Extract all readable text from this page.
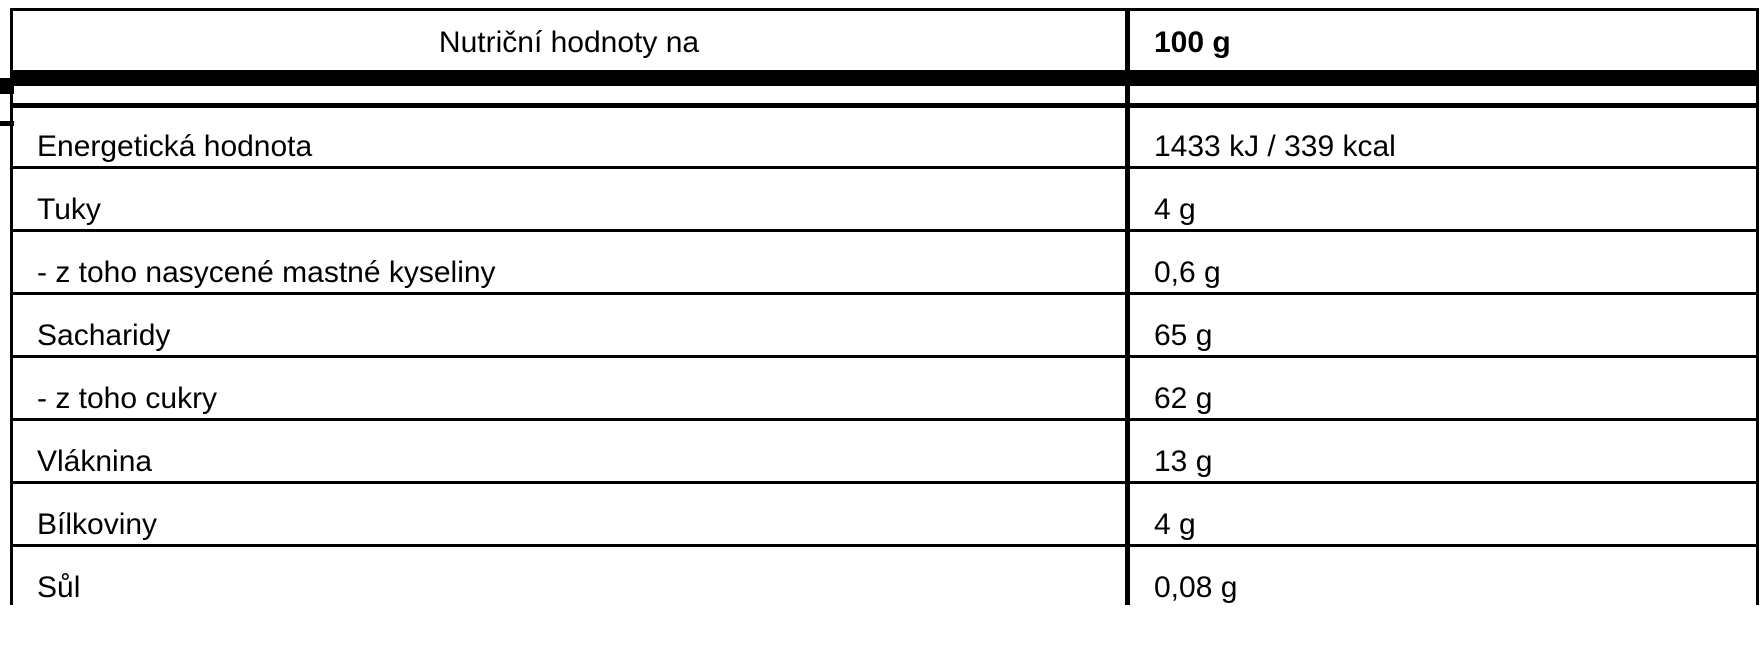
Nutriční hodnoty na	100 g

Energetická hodnota	1433 kJ / 339 kcal
Tuky	4 g
- z toho nasycené mastné kyseliny	0,6 g
Sacharidy	65 g
- z toho cukry	62 g
Vláknina	13 g
Bílkoviny	4 g
Sůl	0,08 g
